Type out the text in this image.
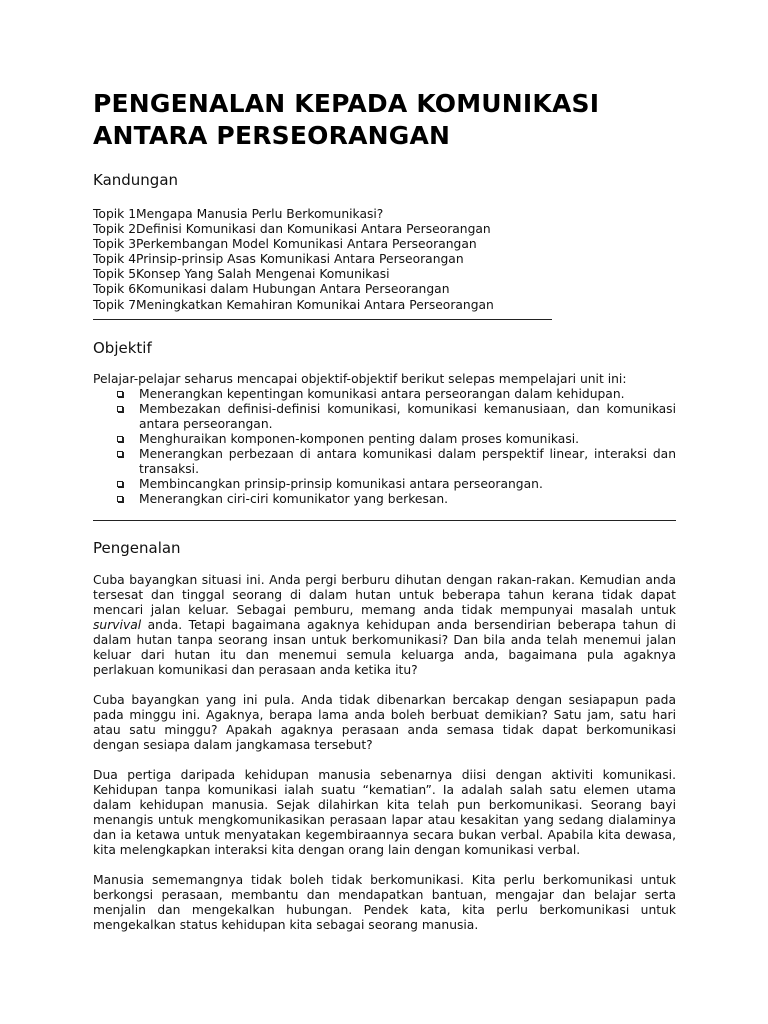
PENGENALAN KEPADA KOMUNIKASI
ANTARA PERSEORANGAN
Kandungan
Topik 1Mengapa Manusia Perlu Berkomunikasi?
Topik 2Definisi Komunikasi dan Komunikasi Antara Perseorangan
Topik 3Perkembangan Model Komunikasi Antara Perseorangan
Topik 4Prinsip-prinsip Asas Komunikasi Antara Perseorangan
Topik 5Konsep Yang Salah Mengenai Komunikasi
Topik 6Komunikasi dalam Hubungan Antara Perseorangan
Topik 7Meningkatkan Kemahiran Komunikai Antara Perseorangan
Objektif
Pelajar-pelajar seharus mencapai objektif-objektif berikut selepas mempelajari unit ini:
Menerangkan kepentingan komunikasi antara perseorangan dalam kehidupan.
Membezakan definisi-definisi komunikasi, komunikasi kemanusiaan, dan komunikasi antara perseorangan.
Menghuraikan komponen-komponen penting dalam proses komunikasi.
Menerangkan perbezaan di antara komunikasi dalam perspektif linear, interaksi dan transaksi.
Membincangkan prinsip-prinsip komunikasi antara perseorangan.
Menerangkan ciri-ciri komunikator yang berkesan.
Pengenalan

Cuba bayangkan situasi ini. Anda pergi berburu dihutan dengan rakan-rakan. Kemudian anda tersesat dan tinggal seorang di dalam hutan untuk beberapa tahun kerana tidak dapat mencari jalan keluar. Sebagai pemburu, memang anda tidak mempunyai masalah untuk survival anda. Tetapi bagaimana agaknya kehidupan anda bersendirian beberapa tahun di dalam hutan tanpa seorang insan untuk berkomunikasi? Dan bila anda telah menemui jalan keluar dari hutan itu dan menemui semula keluarga anda, bagaimana pula agaknya perlakuan komunikasi dan perasaan anda ketika itu?

Cuba bayangkan yang ini pula. Anda tidak dibenarkan bercakap dengan sesiapapun pada pada minggu ini. Agaknya, berapa lama anda boleh berbuat demikian? Satu jam, satu hari atau satu minggu? Apakah agaknya perasaan anda semasa tidak dapat berkomunikasi dengan sesiapa dalam jangkamasa tersebut?

Dua pertiga daripada kehidupan manusia sebenarnya diisi dengan aktiviti komunikasi. Kehidupan tanpa komunikasi ialah suatu “kematian”. Ia adalah salah satu elemen utama dalam kehidupan manusia. Sejak dilahirkan kita telah pun berkomunikasi. Seorang bayi menangis untuk mengkomunikasikan perasaan lapar atau kesakitan yang sedang dialaminya dan ia ketawa untuk menyatakan kegembiraannya secara bukan verbal. Apabila kita dewasa, kita melengkapkan interaksi kita dengan orang lain dengan komunikasi verbal.

Manusia sememangnya tidak boleh tidak berkomunikasi. Kita perlu berkomunikasi untuk berkongsi perasaan, membantu dan mendapatkan bantuan, mengajar dan belajar serta menjalin dan mengekalkan hubungan. Pendek kata, kita perlu berkomunikasi untuk mengekalkan status kehidupan kita sebagai seorang manusia.
